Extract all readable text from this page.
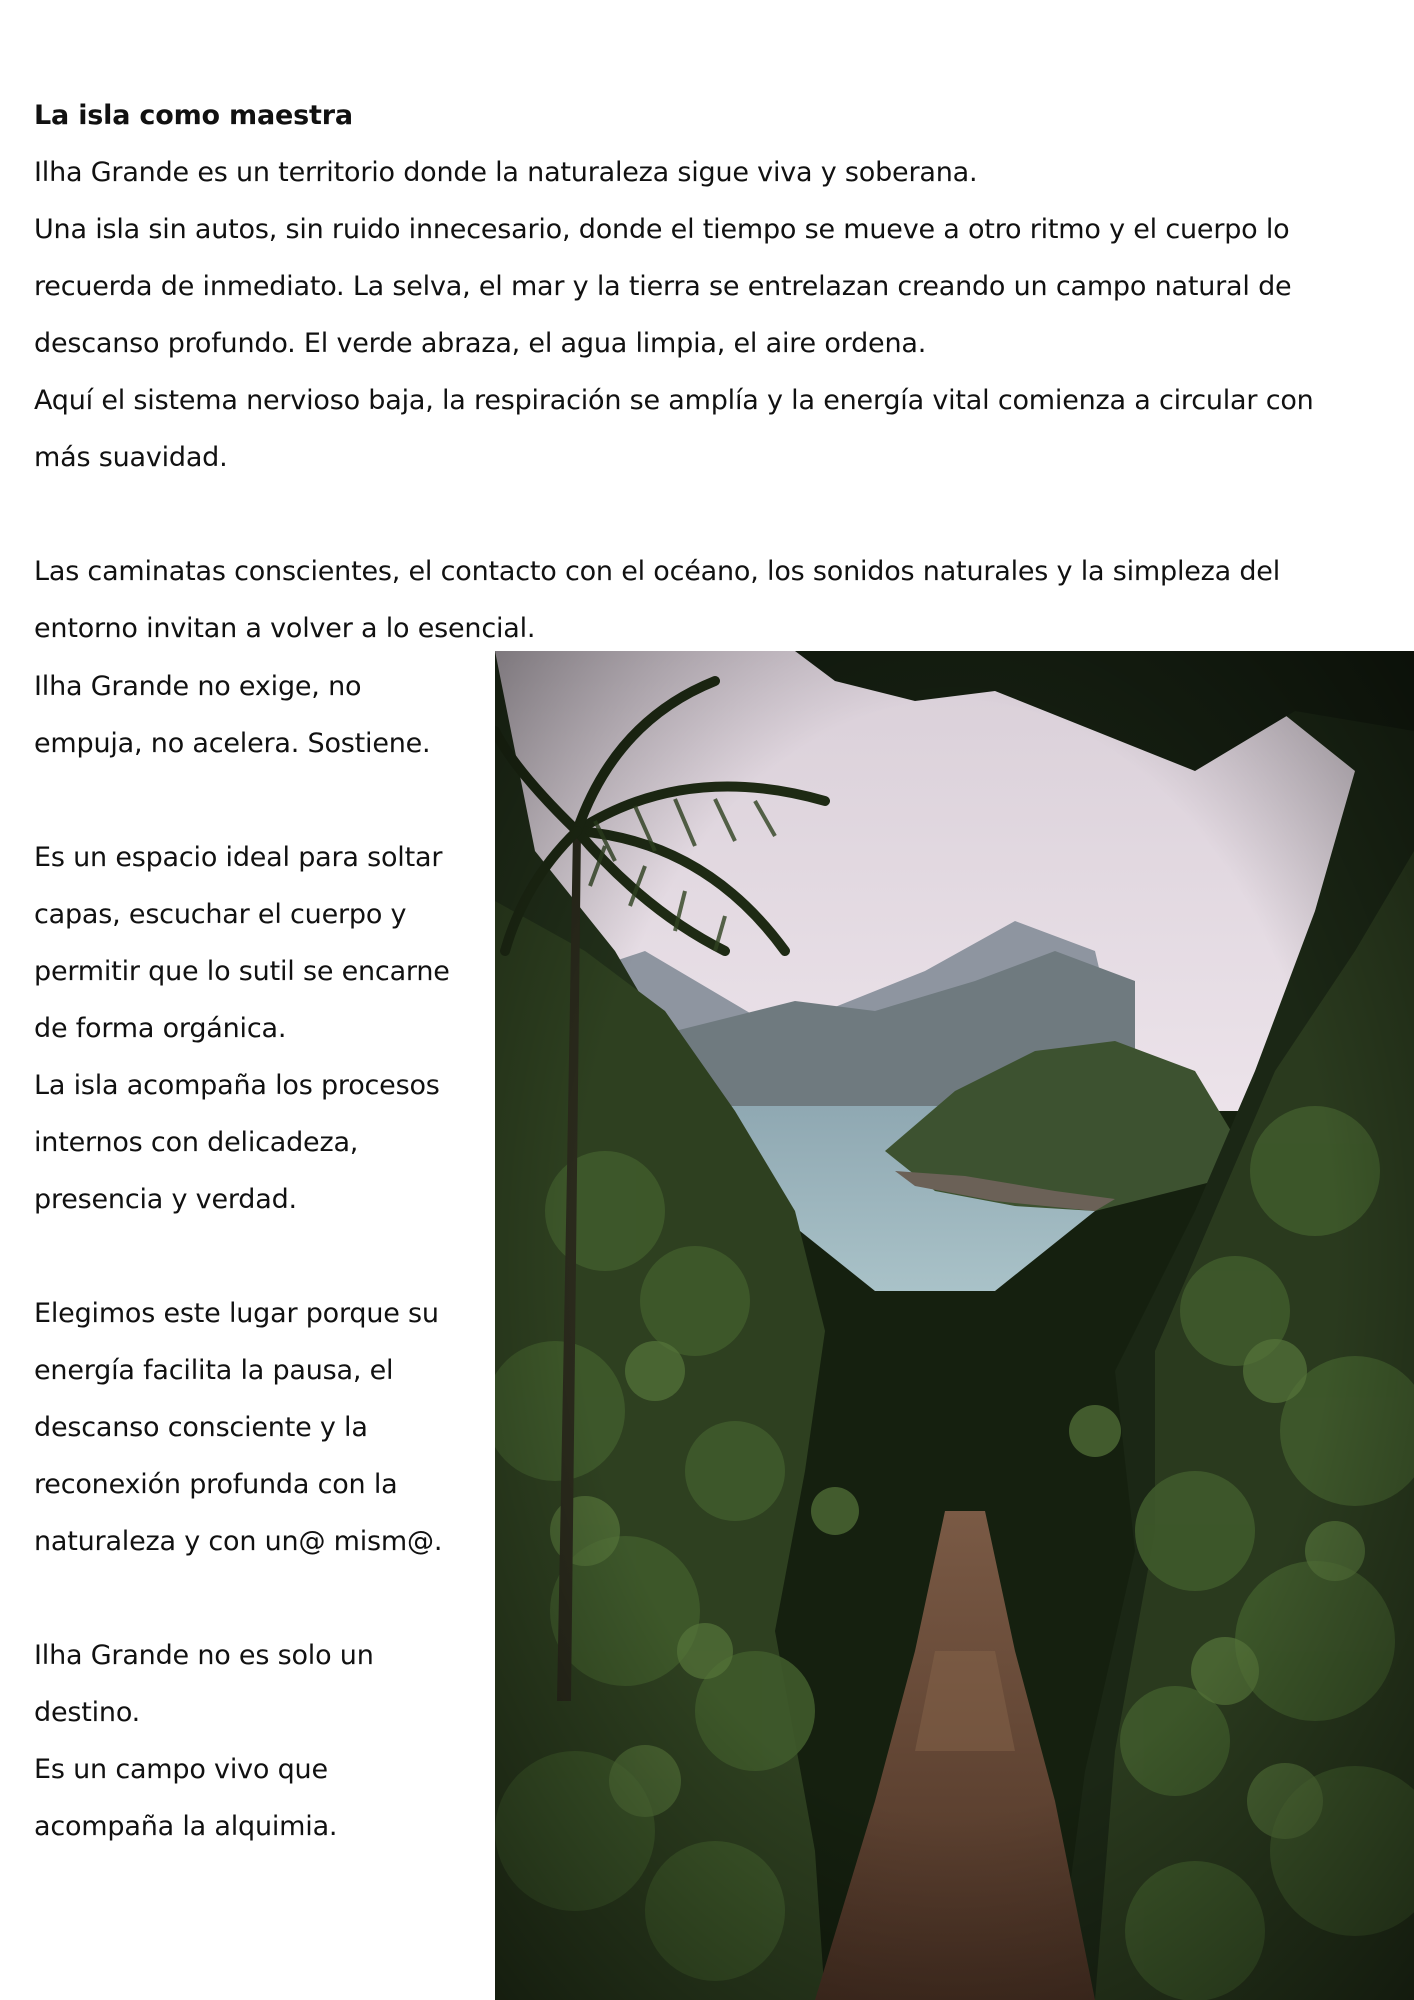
La isla como maestra
Ilha Grande es un territorio donde la naturaleza sigue viva y soberana.
Una isla sin autos, sin ruido innecesario, donde el tiempo se mueve a otro ritmo y el cuerpo lo
recuerda de inmediato. La selva, el mar y la tierra se entrelazan creando un campo natural de
descanso profundo. El verde abraza, el agua limpia, el aire ordena.
Aquí el sistema nervioso baja, la respiración se amplía y la energía vital comienza a circular con
más suavidad.
Las caminatas conscientes, el contacto con el océano, los sonidos naturales y la simpleza del
entorno invitan a volver a lo esencial.
Ilha Grande no exige, no
empuja, no acelera. Sostiene.
Es un espacio ideal para soltar
capas, escuchar el cuerpo y
permitir que lo sutil se encarne
de forma orgánica.
La isla acompaña los procesos
internos con delicadeza,
presencia y verdad.
Elegimos este lugar porque su
energía facilita la pausa, el
descanso consciente y la
reconexión profunda con la
naturaleza y con un@ mism@.
Ilha Grande no es solo un
destino.
Es un campo vivo que
acompaña la alquimia.
